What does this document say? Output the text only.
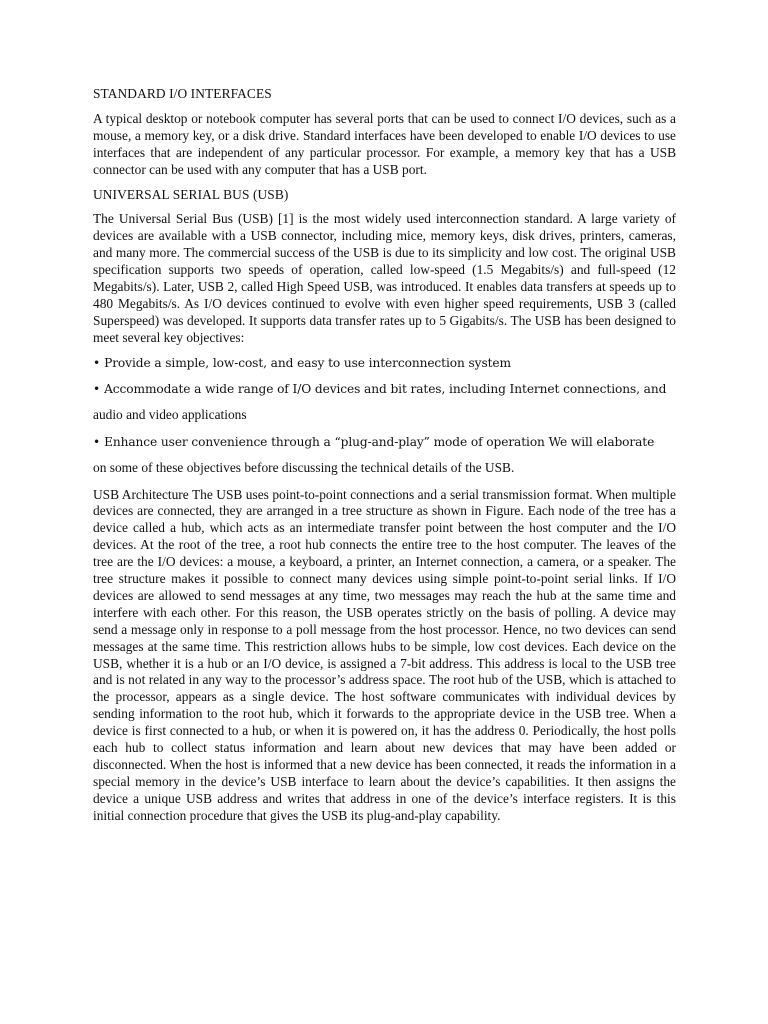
STANDARD I/O INTERFACES

A typical desktop or notebook computer has several ports that can be used to connect I/O devices, such as a mouse, a memory key, or a disk drive. Standard interfaces have been developed to enable I/O devices to use interfaces that are independent of any particular processor. For example, a memory key that has a USB connector can be used with any computer that has a USB port.

UNIVERSAL SERIAL BUS (USB)

The Universal Serial Bus (USB) [1] is the most widely used interconnection standard. A large variety of devices are available with a USB connector, including mice, memory keys, disk drives, printers, cameras, and many more. The commercial success of the USB is due to its simplicity and low cost. The original USB specification supports two speeds of operation, called low-speed (1.5 Megabits/s) and full-speed (12 Megabits/s). Later, USB 2, called High Speed USB, was introduced. It enables data transfers at speeds up to 480 Megabits/s. As I/O devices continued to evolve with even higher speed requirements, USB 3 (called Superspeed) was developed. It supports data transfer rates up to 5 Gigabits/s. The USB has been designed to meet several key objectives:

• Provide a simple, low-cost, and easy to use interconnection system
• Accommodate a wide range of I/O devices and bit rates, including Internet connections, and
audio and video applications
• Enhance user convenience through a “plug-and-play” mode of operation We will elaborate
on some of these objectives before discussing the technical details of the USB.

USB Architecture The USB uses point-to-point connections and a serial transmission format. When multiple devices are connected, they are arranged in a tree structure as shown in Figure. Each node of the tree has a device called a hub, which acts as an intermediate transfer point between the host computer and the I/O devices. At the root of the tree, a root hub connects the entire tree to the host computer. The leaves of the tree are the I/O devices: a mouse, a keyboard, a printer, an Internet connection, a camera, or a speaker. The tree structure makes it possible to connect many devices using simple point-to-point serial links. If I/O devices are allowed to send messages at any time, two messages may reach the hub at the same time and interfere with each other. For this reason, the USB operates strictly on the basis of polling. A device may send a message only in response to a poll message from the host processor. Hence, no two devices can send messages at the same time. This restriction allows hubs to be simple, low cost devices. Each device on the USB, whether it is a hub or an I/O device, is assigned a 7-bit address. This address is local to the USB tree and is not related in any way to the processor’s address space. The root hub of the USB, which is attached to the processor, appears as a single device. The host software communicates with individual devices by sending information to the root hub, which it forwards to the appropriate device in the USB tree. When a device is first connected to a hub, or when it is powered on, it has the address 0. Periodically, the host polls each hub to collect status information and learn about new devices that may have been added or disconnected. When the host is informed that a new device has been connected, it reads the information in a special memory in the device’s USB interface to learn about the device’s capabilities. It then assigns the device a unique USB address and writes that address in one of the device’s interface registers. It is this initial connection procedure that gives the USB its plug-and-play capability.
